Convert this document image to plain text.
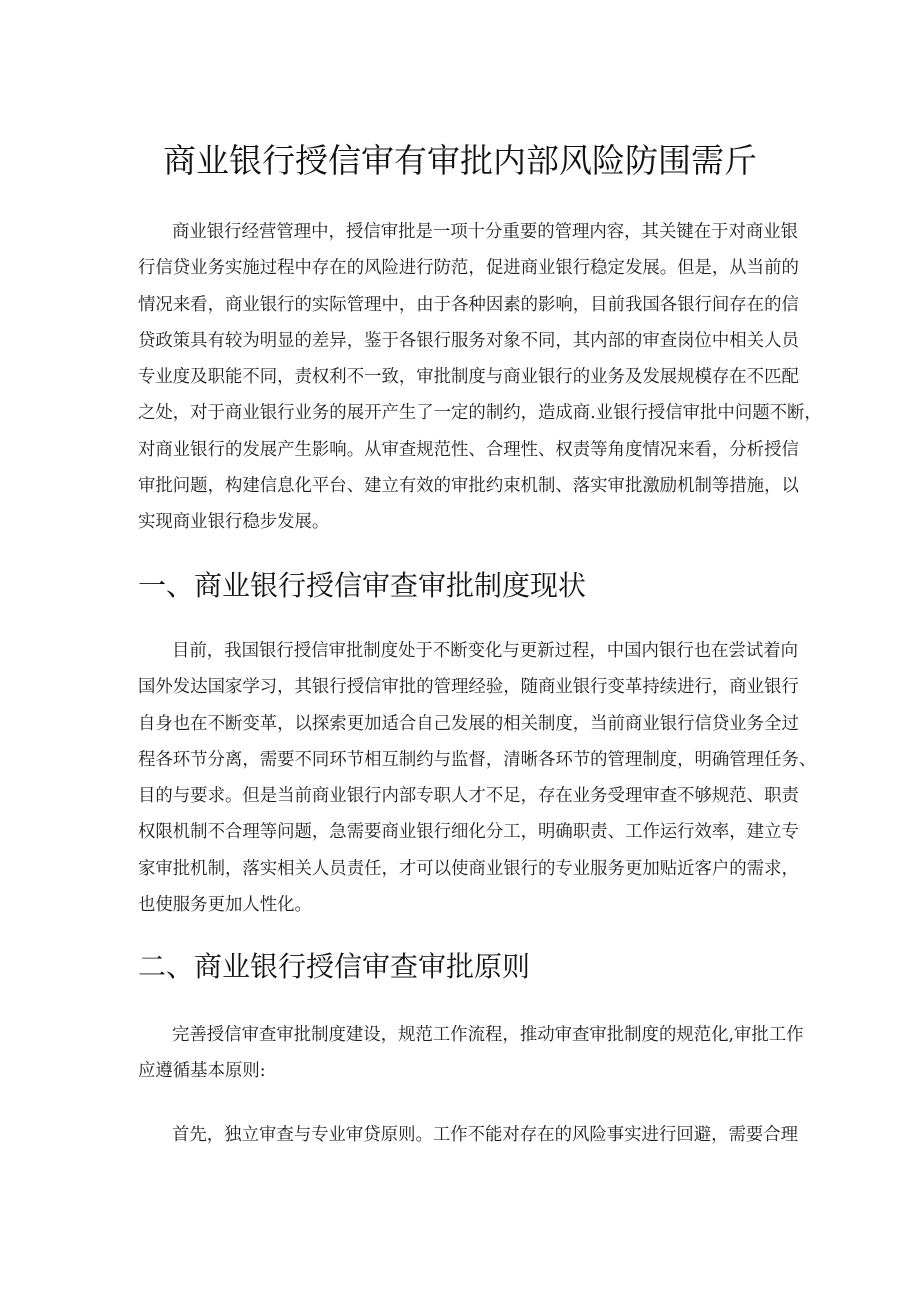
商业银行授信审有审批内部风险防围需斤
商业银行经营管理中，授信审批是一项十分重要的管理内容，其关键在于对商业银
行信贷业务实施过程中存在的风险进行防范，促进商业银行稳定发展。但是，从当前的
情况来看，商业银行的实际管理中，由于各种因素的影响，目前我国各银行间存在的信
贷政策具有较为明显的差异，鉴于各银行服务对象不同，其内部的审查岗位中相关人员
专业度及职能不同，责权利不一致，审批制度与商业银行的业务及发展规模存在不匹配
之处，对于商业银行业务的展开产生了一定的制约，造成商.业银行授信审批中问题不断，
对商业银行的发展产生影响。从审查规范性、合理性、权责等角度情况来看，分析授信
审批问题，构建信息化平台、建立有效的审批约束机制、落实审批激励机制等措施，以
实现商业银行稳步发展。
一、商业银行授信审查审批制度现状
目前，我国银行授信审批制度处于不断变化与更新过程，中国内银行也在尝试着向
国外发达国家学习，其银行授信审批的管理经验，随商业银行变革持续进行，商业银行
自身也在不断变革，以探索更加适合自己发展的相关制度，当前商业银行信贷业务全过
程各环节分离，需要不同环节相互制约与监督，清晰各环节的管理制度，明确管理任务、
目的与要求。但是当前商业银行内部专职人才不足，存在业务受理审查不够规范、职责
权限机制不合理等问题，急需要商业银行细化分工，明确职责、工作运行效率，建立专
家审批机制，落实相关人员责任，才可以使商业银行的专业服务更加贴近客户的需求，
也使服务更加人性化。
二、商业银行授信审查审批原则
完善授信审查审批制度建设，规范工作流程，推动审查审批制度的规范化,审批工作
应遵循基本原则:
首先，独立审查与专业审贷原则。工作不能对存在的风险事实进行回避，需要合理
